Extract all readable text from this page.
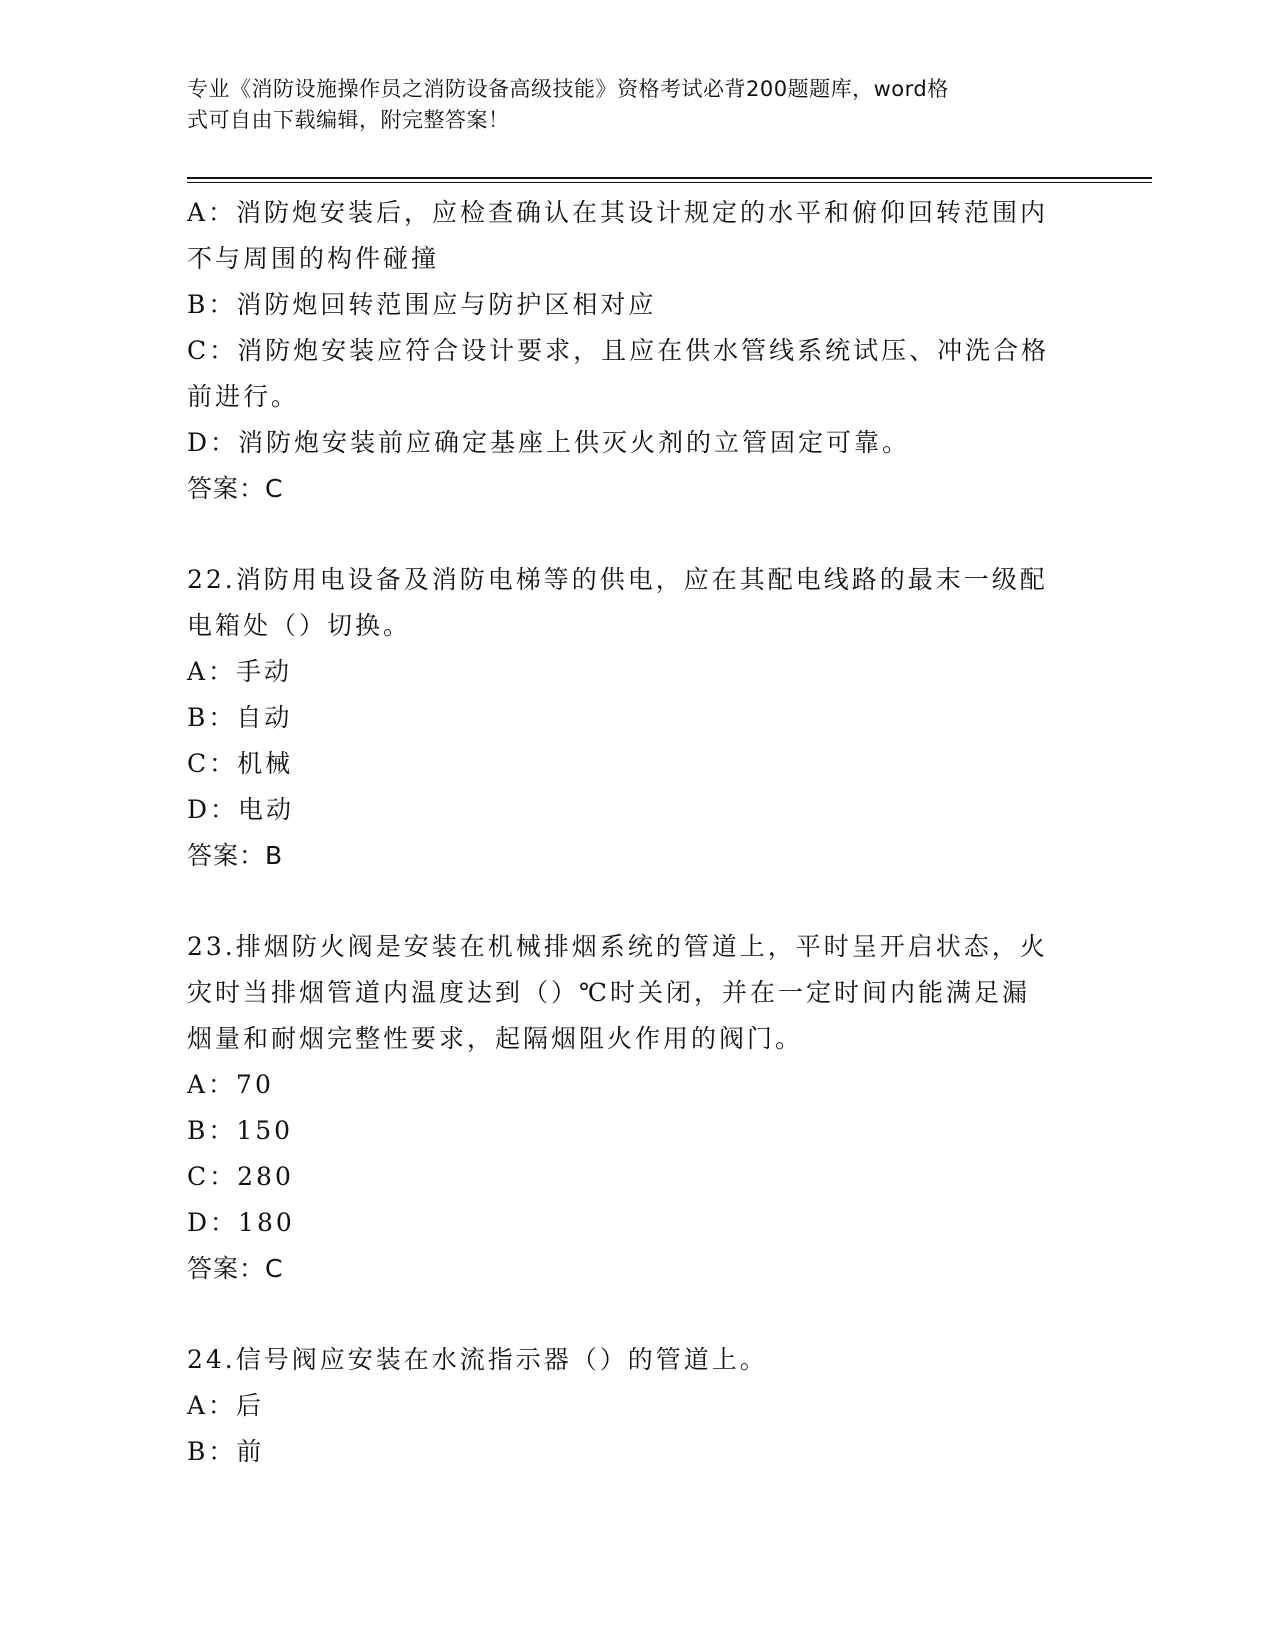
专业《消防设施操作员之消防设备高级技能》资格考试必背200题题库，word格
式可自由下载编辑，附完整答案！
A：消防炮安装后，应检查确认在其设计规定的水平和俯仰回转范围内
不与周围的构件碰撞
B：消防炮回转范围应与防护区相对应
C：消防炮安装应符合设计要求，且应在供水管线系统试压、冲洗合格
前进行。
D：消防炮安装前应确定基座上供灭火剂的立管固定可靠。
答案：C
22.消防用电设备及消防电梯等的供电，应在其配电线路的最末一级配
电箱处（）切换。
A：手动
B：自动
C：机械
D：电动
答案：B
23.排烟防火阀是安装在机械排烟系统的管道上，平时呈开启状态，火
灾时当排烟管道内温度达到（）℃时关闭，并在一定时间内能满足漏
烟量和耐烟完整性要求，起隔烟阻火作用的阀门。
A：70
B：150
C：280
D：180
答案：C
24.信号阀应安装在水流指示器（）的管道上。
A：后
B：前
